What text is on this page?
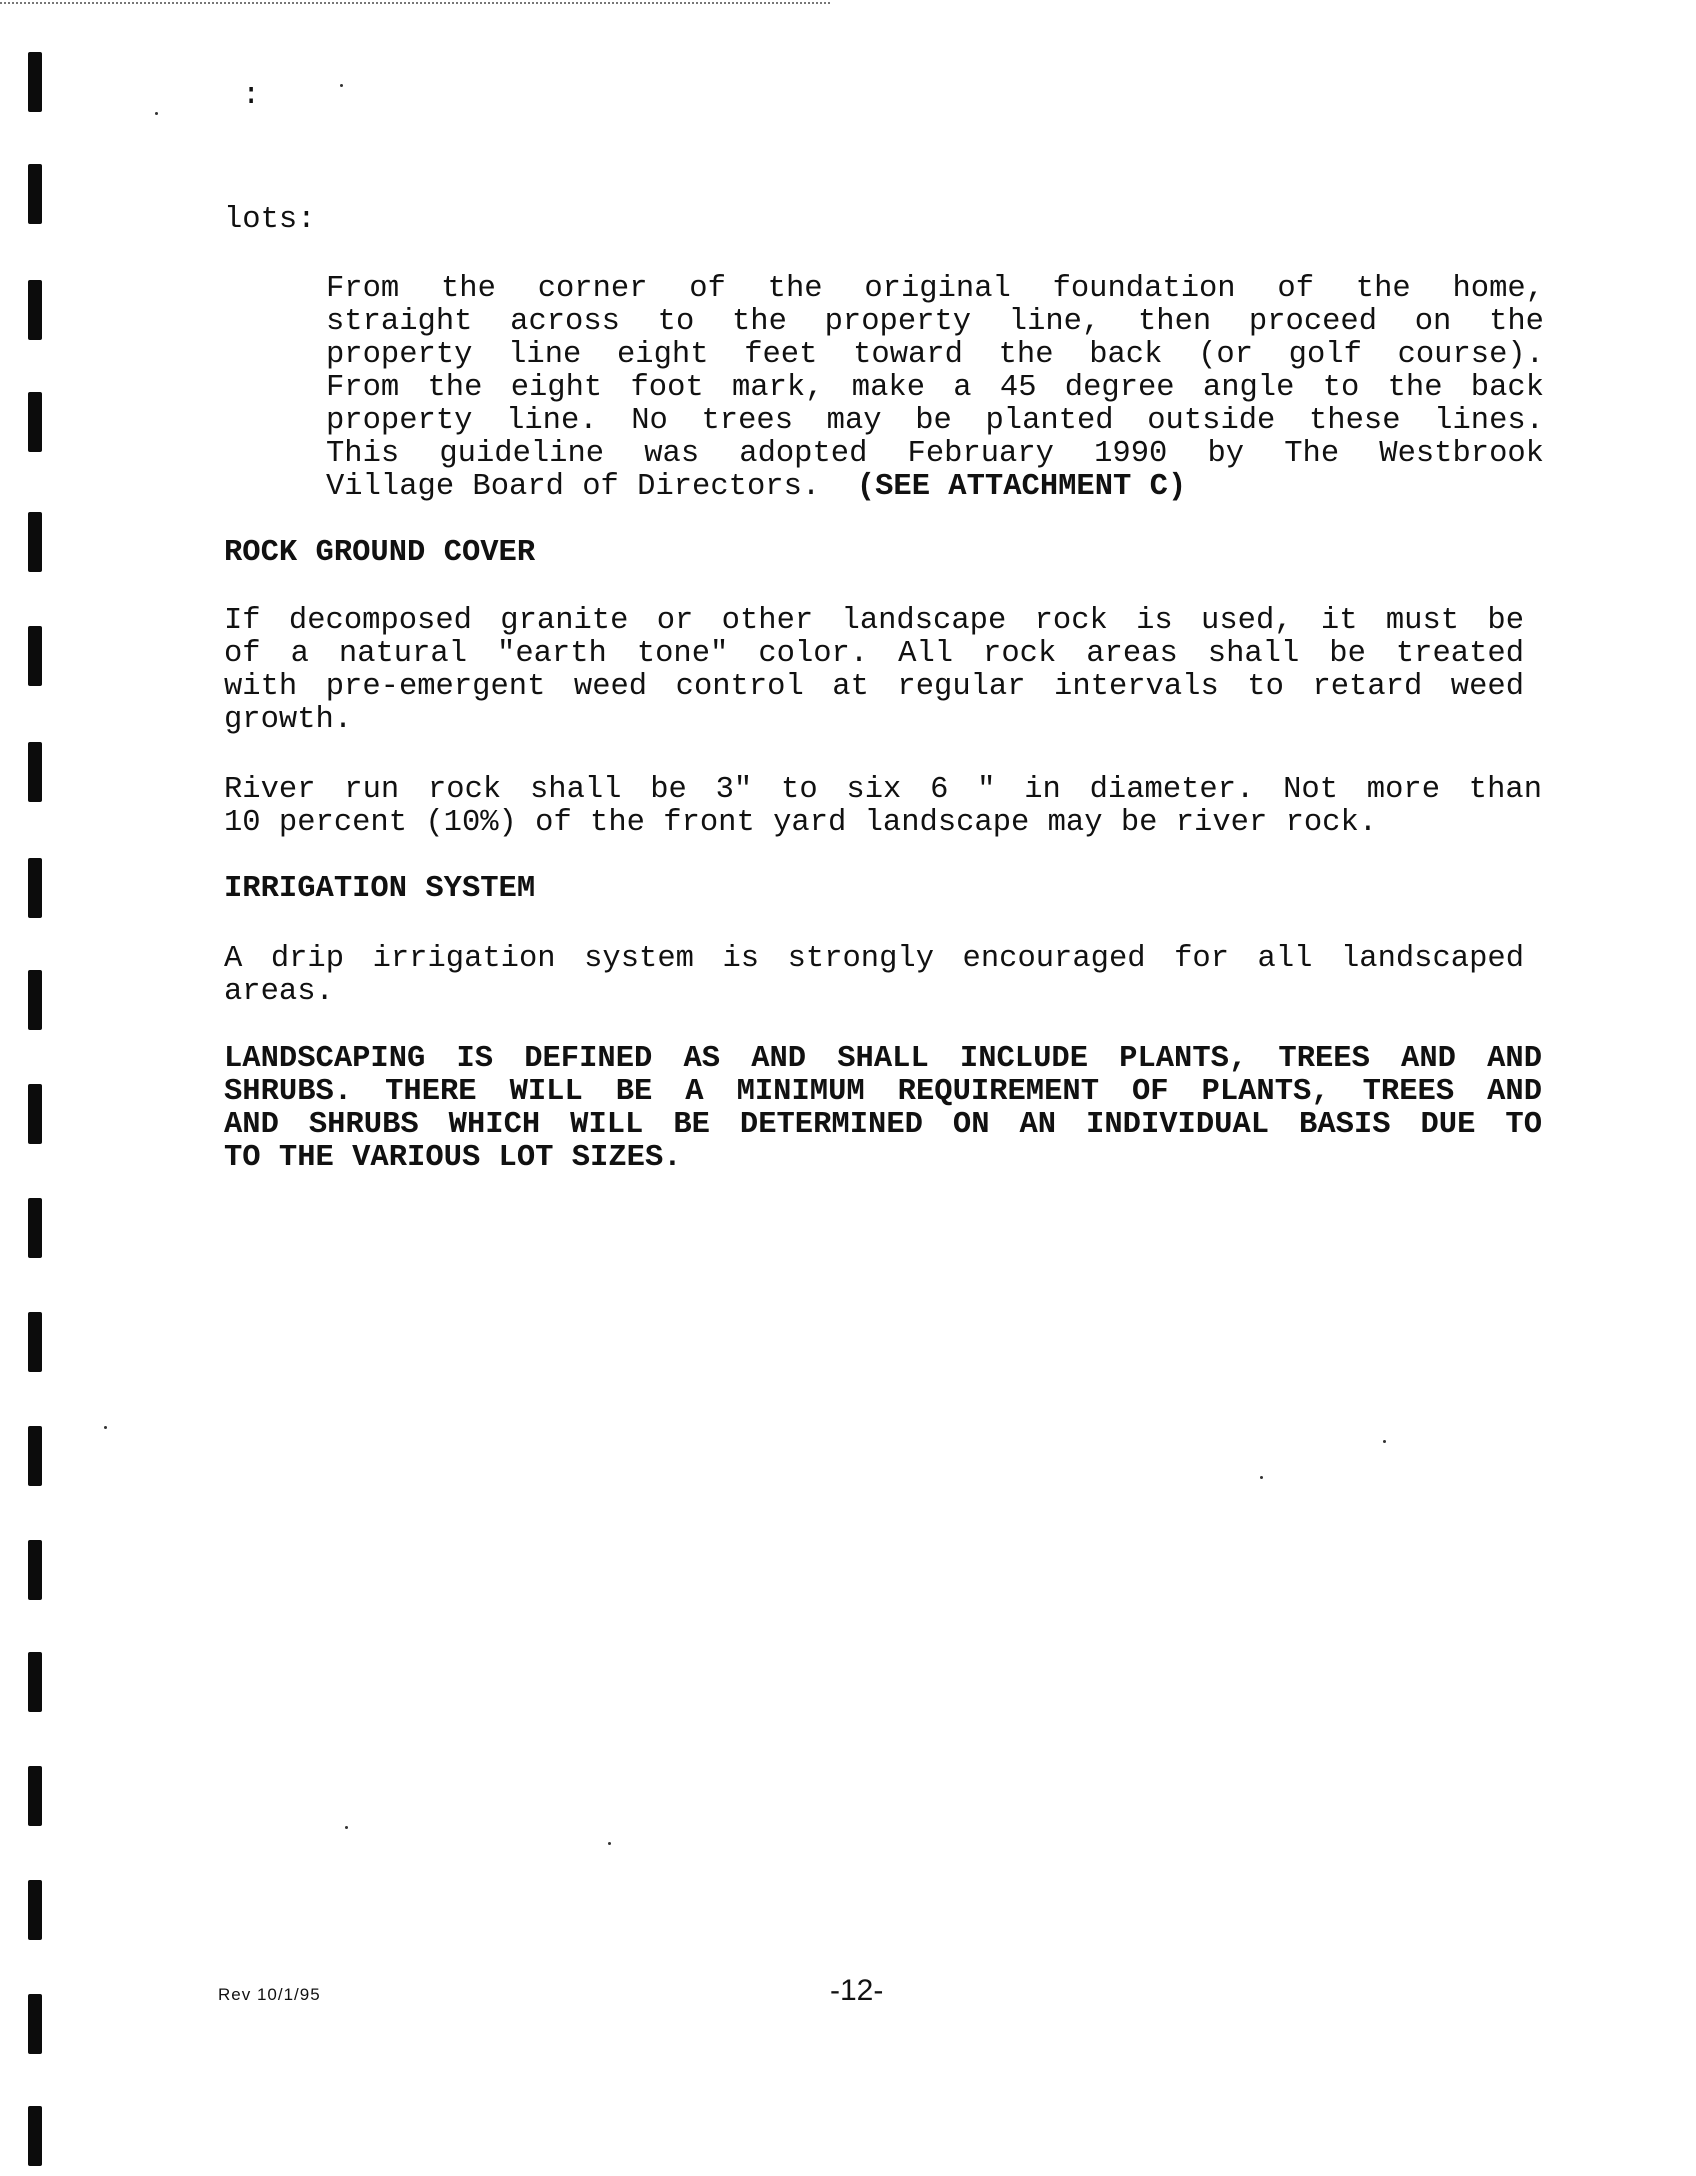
:
lots:
From the corner of the original foundation of the home,
straight across to the property line, then proceed on the
property line eight feet toward the back (or golf course).
From the eight foot mark, make a 45 degree angle to the back
property line. No trees may be planted outside these lines.
This guideline was adopted February 1990 by The Westbrook
Village Board of Directors. (SEE ATTACHMENT C)
ROCK GROUND COVER
If decomposed granite or other landscape rock is used, it must be
of a natural "earth tone" color. All rock areas shall be treated
with pre-emergent weed control at regular intervals to retard weed
growth.
River run rock shall be 3" to six 6 " in diameter. Not more than
10 percent (10%) of the front yard landscape may be river rock.
IRRIGATION SYSTEM
A drip irrigation system is strongly encouraged for all landscaped
areas.
LANDSCAPING IS DEFINED AS AND SHALL INCLUDE PLANTS, TREES AND AND
SHRUBS. THERE WILL BE A MINIMUM REQUIREMENT OF PLANTS, TREES AND
AND SHRUBS WHICH WILL BE DETERMINED ON AN INDIVIDUAL BASIS DUE TO
TO THE VARIOUS LOT SIZES.
Rev 10/1/95	-12-
